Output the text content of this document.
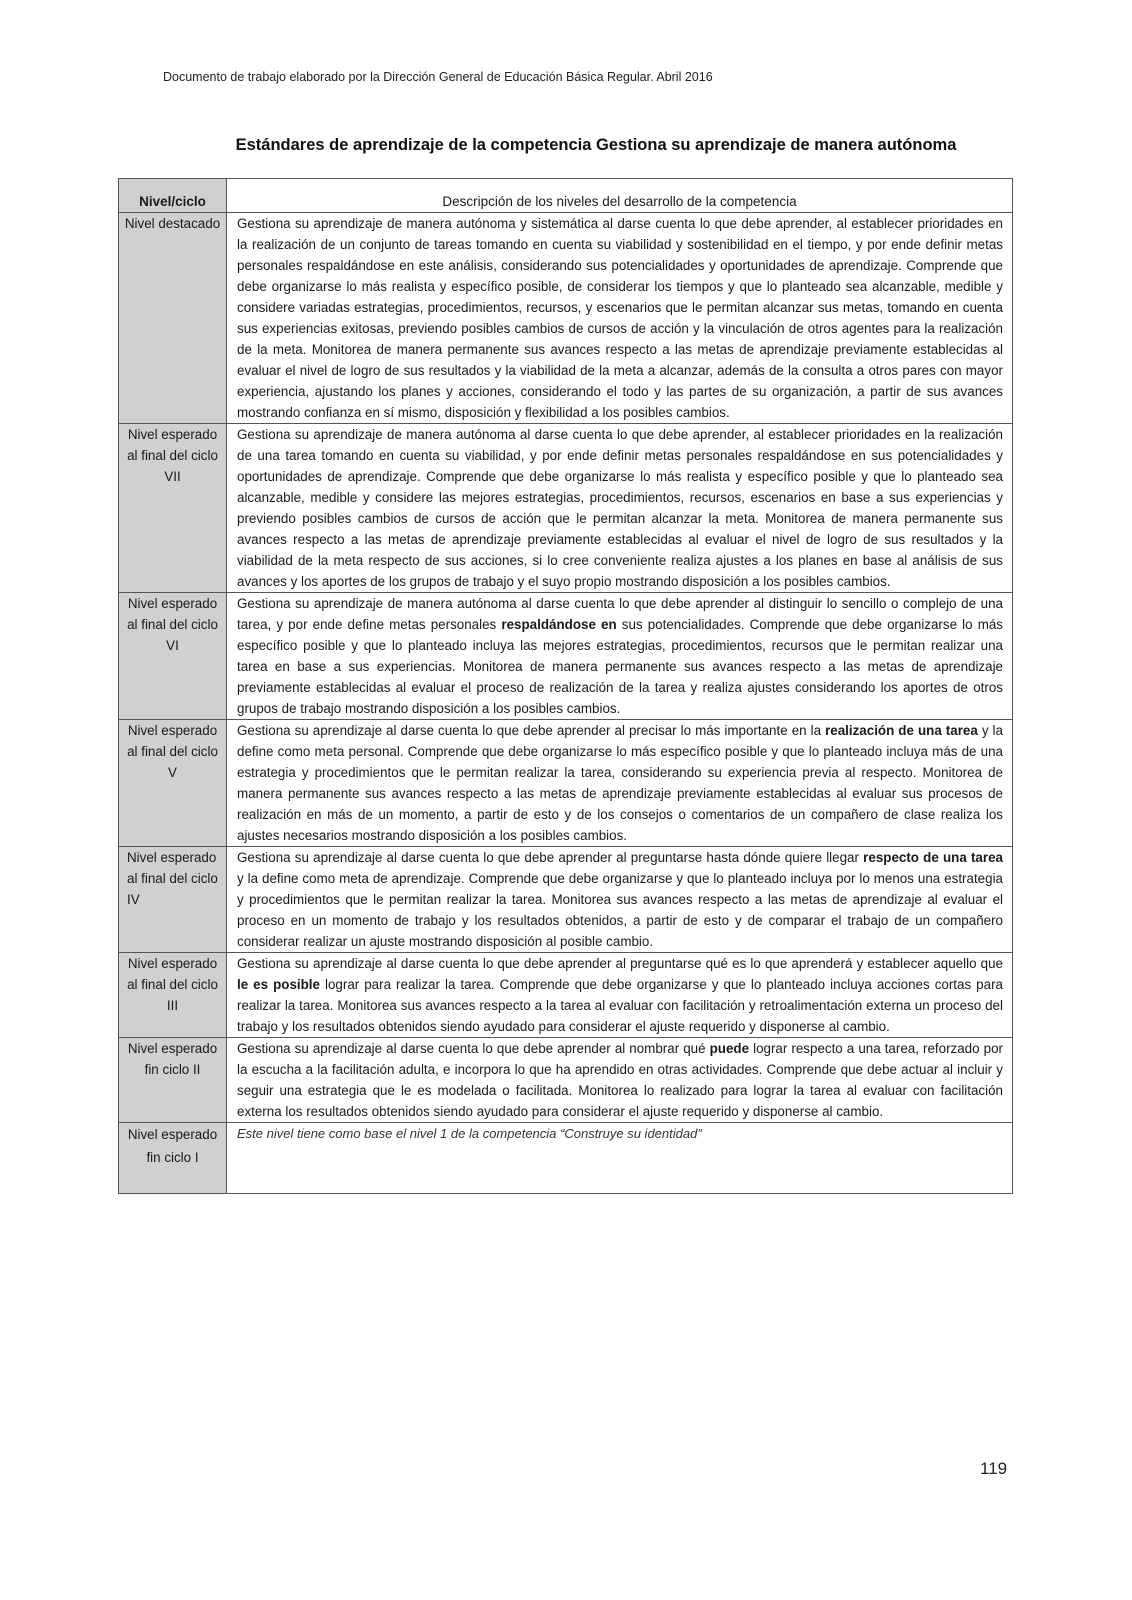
Documento de trabajo elaborado por la Dirección General de Educación Básica Regular. Abril 2016
Estándares de aprendizaje de la competencia Gestiona su aprendizaje de manera autónoma
Nivel/ciclo	Descripción de los niveles del desarrollo de la competencia
Nivel destacado	Gestiona su aprendizaje de manera autónoma y sistemática al darse cuenta lo que debe aprender, al establecer prioridades en la realización de un conjunto de tareas tomando en cuenta su viabilidad y sostenibilidad en el tiempo, y por ende definir metas personales respaldándose en este análisis, considerando sus potencialidades y oportunidades de aprendizaje. Comprende que debe organizarse lo más realista y específico posible, de considerar los tiempos y que lo planteado sea alcanzable, medible y considere variadas estrategias, procedimientos, recursos, y escenarios que le permitan alcanzar sus metas, tomando en cuenta sus experiencias exitosas, previendo posibles cambios de cursos de acción y la vinculación de otros agentes para la realización de la meta. Monitorea de manera permanente sus avances respecto a las metas de aprendizaje previamente establecidas al evaluar el nivel de logro de sus resultados y la viabilidad de la meta a alcanzar, además de la consulta a otros pares con mayor experiencia, ajustando los planes y acciones, considerando el todo y las partes de su organización, a partir de sus avances mostrando confianza en sí mismo, disposición y flexibilidad a los posibles cambios.
Nivel esperado al final del ciclo VII	Gestiona su aprendizaje de manera autónoma al darse cuenta lo que debe aprender, al establecer prioridades en la realización de una tarea tomando en cuenta su viabilidad, y por ende definir metas personales respaldándose en sus potencialidades y oportunidades de aprendizaje. Comprende que debe organizarse lo más realista y específico posible y que lo planteado sea alcanzable, medible y considere las mejores estrategias, procedimientos, recursos, escenarios en base a sus experiencias y previendo posibles cambios de cursos de acción que le permitan alcanzar la meta. Monitorea de manera permanente sus avances respecto a las metas de aprendizaje previamente establecidas al evaluar el nivel de logro de sus resultados y la viabilidad de la meta respecto de sus acciones, si lo cree conveniente realiza ajustes a los planes en base al análisis de sus avances y los aportes de los grupos de trabajo y el suyo propio mostrando disposición a los posibles cambios.
Nivel esperado al final del ciclo VI	Gestiona su aprendizaje de manera autónoma al darse cuenta lo que debe aprender al distinguir lo sencillo o complejo de una tarea, y por ende define metas personales respaldándose en sus potencialidades. Comprende que debe organizarse lo más específico posible y que lo planteado incluya las mejores estrategias, procedimientos, recursos que le permitan realizar una tarea en base a sus experiencias. Monitorea de manera permanente sus avances respecto a las metas de aprendizaje previamente establecidas al evaluar el proceso de realización de la tarea y realiza ajustes considerando los aportes de otros grupos de trabajo mostrando disposición a los posibles cambios.
Nivel esperado al final del ciclo V	Gestiona su aprendizaje al darse cuenta lo que debe aprender al precisar lo más importante en la realización de una tarea y la define como meta personal. Comprende que debe organizarse lo más específico posible y que lo planteado incluya más de una estrategia y procedimientos que le permitan realizar la tarea, considerando su experiencia previa al respecto. Monitorea de manera permanente sus avances respecto a las metas de aprendizaje previamente establecidas al evaluar sus procesos de realización en más de un momento, a partir de esto y de los consejos o comentarios de un compañero de clase realiza los ajustes necesarios mostrando disposición a los posibles cambios.
Nivel esperado al final del ciclo IV	Gestiona su aprendizaje al darse cuenta lo que debe aprender al preguntarse hasta dónde quiere llegar respecto de una tarea y la define como meta de aprendizaje. Comprende que debe organizarse y que lo planteado incluya por lo menos una estrategia y procedimientos que le permitan realizar la tarea. Monitorea sus avances respecto a las metas de aprendizaje al evaluar el proceso en un momento de trabajo y los resultados obtenidos, a partir de esto y de comparar el trabajo de un compañero considerar realizar un ajuste mostrando disposición al posible cambio.
Nivel esperado al final del ciclo III	Gestiona su aprendizaje al darse cuenta lo que debe aprender al preguntarse qué es lo que aprenderá y establecer aquello que le es posible lograr para realizar la tarea. Comprende que debe organizarse y que lo planteado incluya acciones cortas para realizar la tarea. Monitorea sus avances respecto a la tarea al evaluar con facilitación y retroalimentación externa un proceso del trabajo y los resultados obtenidos siendo ayudado para considerar el ajuste requerido y disponerse al cambio.
Nivel esperado fin ciclo II	Gestiona su aprendizaje al darse cuenta lo que debe aprender al nombrar qué puede lograr respecto a una tarea, reforzado por la escucha a la facilitación adulta, e incorpora lo que ha aprendido en otras actividades. Comprende que debe actuar al incluir y seguir una estrategia que le es modelada o facilitada. Monitorea lo realizado para lograr la tarea al evaluar con facilitación externa los resultados obtenidos siendo ayudado para considerar el ajuste requerido y disponerse al cambio.
Nivel esperado fin ciclo I	Este nivel tiene como base el nivel 1 de la competencia “Construye su identidad”
119
